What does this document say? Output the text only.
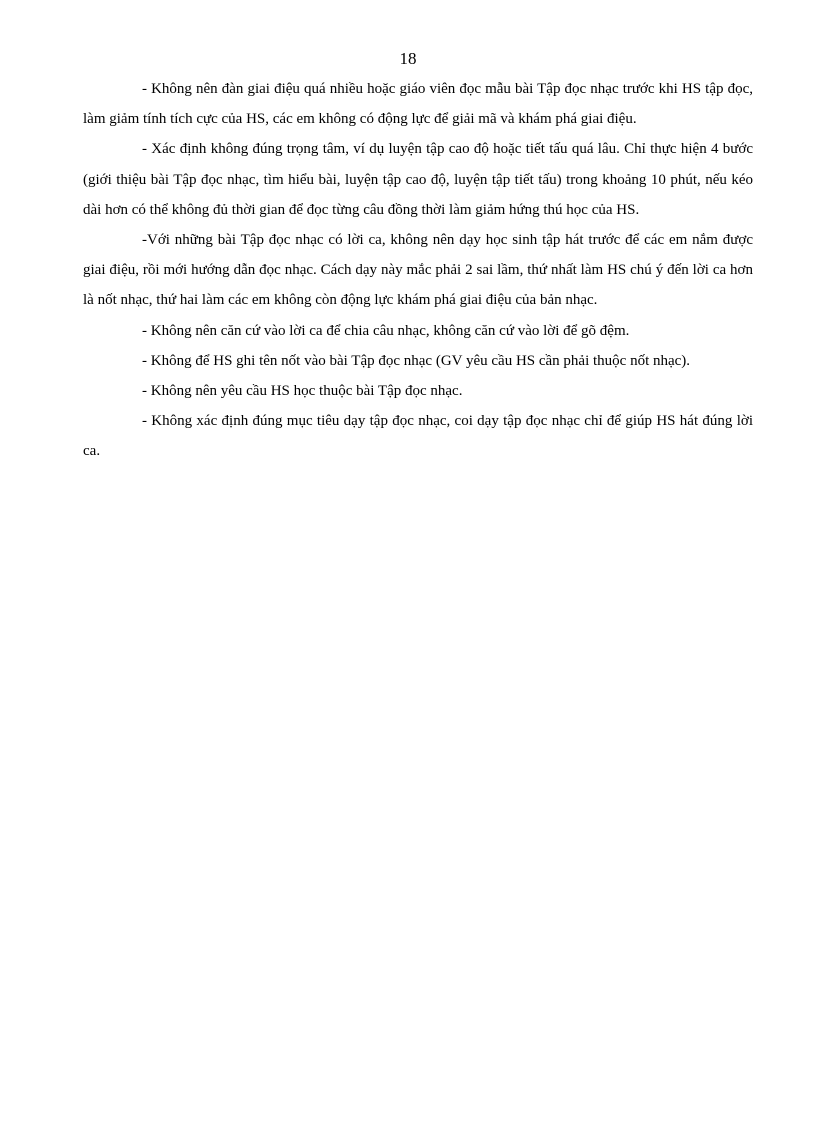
18

- Không nên đàn giai điệu quá nhiều hoặc giáo viên đọc mẫu bài Tập đọc nhạc trước khi HS tập đọc, làm giảm tính tích cực của HS, các em không có động lực để giải mã và khám phá giai điệu.

- Xác định không đúng trọng tâm, ví dụ luyện tập cao độ hoặc tiết tấu quá lâu. Chỉ thực hiện 4 bước (giới thiệu bài Tập đọc nhạc, tìm hiểu bài, luyện tập cao độ, luyện tập tiết tấu) trong khoảng 10 phút, nếu kéo dài hơn có thể không đủ thời gian để đọc từng câu đồng thời làm giảm hứng thú học của HS.

-Với những bài Tập đọc nhạc có lời ca, không nên dạy học sinh tập hát trước để các em nắm được giai điệu, rồi mới hướng dẫn đọc nhạc. Cách dạy này mắc phải 2 sai lầm, thứ nhất làm HS chú ý đến lời ca hơn là nốt nhạc, thứ hai làm các em không còn động lực khám phá giai điệu của bản nhạc.

- Không nên căn cứ vào lời ca để chia câu nhạc, không căn cứ vào lời để gõ đệm.

- Không để HS ghi tên nốt vào bài Tập đọc nhạc (GV yêu cầu HS cần phải thuộc nốt nhạc).

- Không nên yêu cầu HS học thuộc bài Tập đọc nhạc.

- Không xác định đúng mục tiêu dạy tập đọc nhạc, coi dạy tập đọc nhạc chỉ để giúp HS hát đúng lời ca.
